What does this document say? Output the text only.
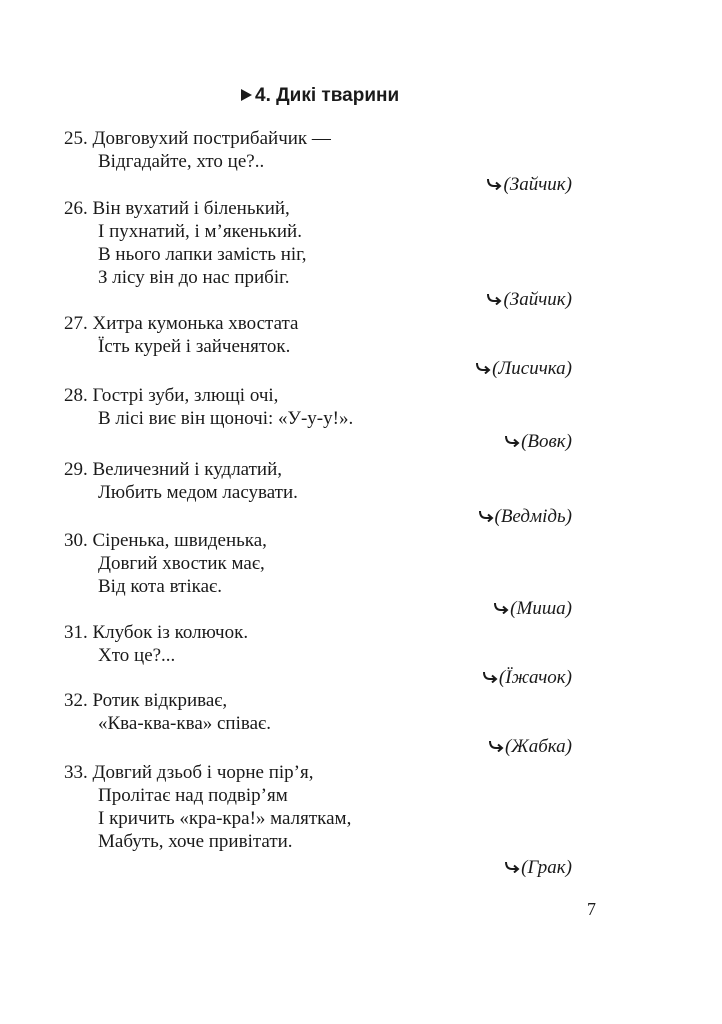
4. Дикі тварини
25. Довговухий пострибайчик —
Відгадайте, хто це?..
(Зайчик)
26. Він вухатий і біленький,
І пухнатий, і м’якенький.
В нього лапки замість ніг,
З лісу він до нас прибіг.
(Зайчик)
27. Хитра кумонька хвостата
Їсть курей і зайченяток.
(Лисичка)
28. Гострі зуби, злющі очі,
В лісі виє він щоночі: «У-у-у!».
(Вовк)
29. Величезний і кудлатий,
Любить медом ласувати.
(Ведмідь)
30. Сіренька, швиденька,
Довгий хвостик має,
Від кота втікає.
(Миша)
31. Клубок із колючок.
Хто це?...
(Їжачок)
32. Ротик відкриває,
«Ква-ква-ква» співає.
(Жабка)
33. Довгий дзьоб і чорне пір’я,
Пролітає над подвір’ям
І кричить «кра-кра!» маляткам,
Мабуть, хоче привітати.
(Грак)
7
